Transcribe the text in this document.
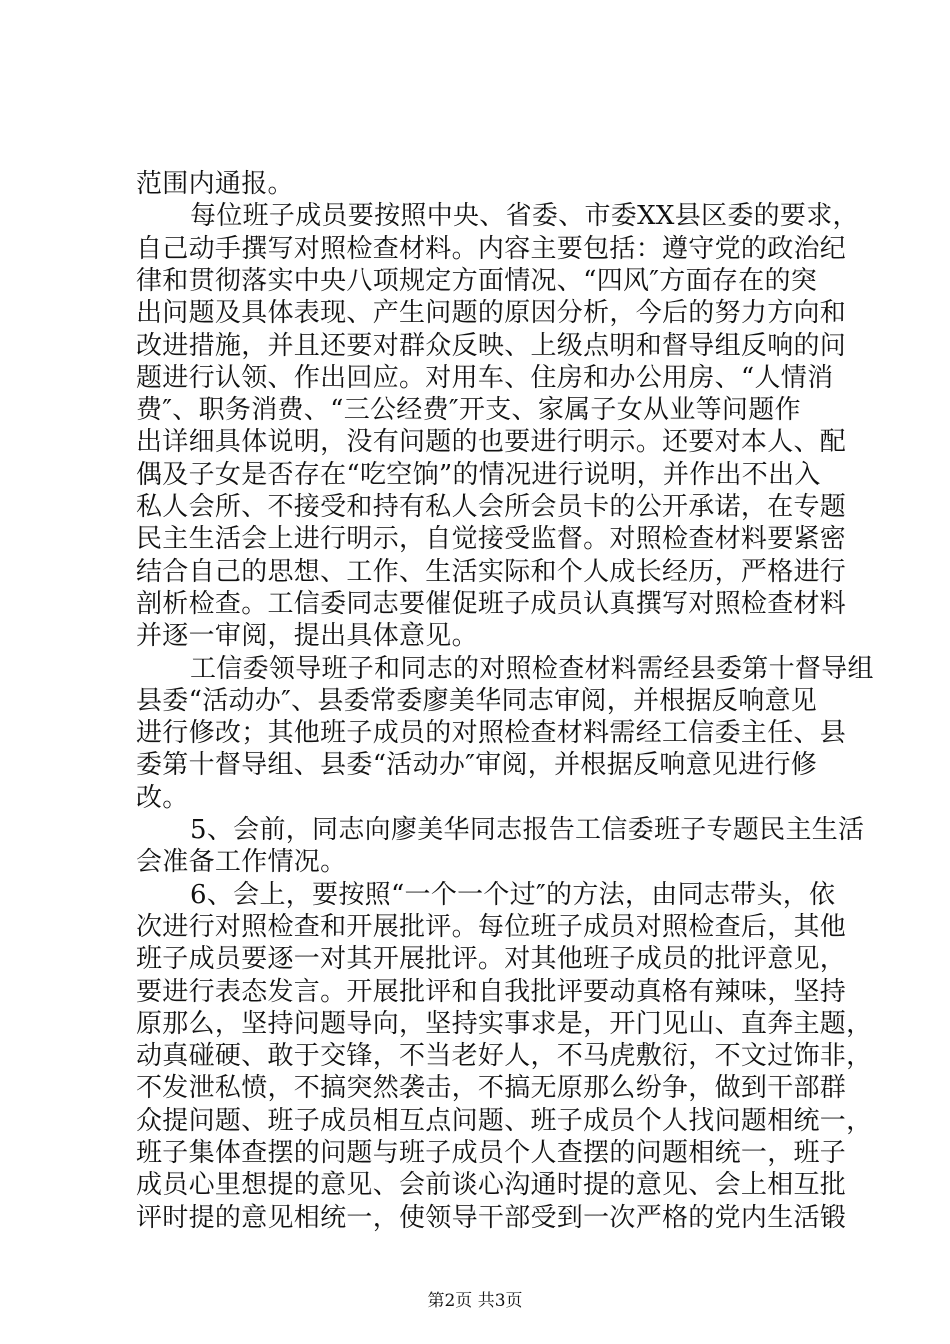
范围内通报。
每位班子成员要按照中央、省委、市委XX县区委的要求，
自己动手撰写对照检查材料。内容主要包括：遵守党的政治纪
律和贯彻落实中央八项规定方面情况、“四风″方面存在的突
出问题及具体表现、产生问题的原因分析，今后的努力方向和
改进措施，并且还要对群众反映、上级点明和督导组反响的问
题进行认领、作出回应。对用车、住房和办公用房、“人情消
费″、职务消费、“三公经费″开支、家属子女从业等问题作
出详细具体说明，没有问题的也要进行明示。还要对本人、配
偶及子女是否存在“吃空饷”的情况进行说明，并作出不出入
私人会所、不接受和持有私人会所会员卡的公开承诺，在专题
民主生活会上进行明示，自觉接受监督。对照检查材料要紧密
结合自己的思想、工作、生活实际和个人成长经历，严格进行
剖析检查。工信委同志要催促班子成员认真撰写对照检查材料
并逐一审阅，提出具体意见。
工信委领导班子和同志的对照检查材料需经县委第十督导组
县委“活动办″、县委常委廖美华同志审阅，并根据反响意见
进行修改；其他班子成员的对照检查材料需经工信委主任、县
委第十督导组、县委“活动办″审阅，并根据反响意见进行修
改。
5、会前，同志向廖美华同志报告工信委班子专题民主生活
会准备工作情况。
6、会上，要按照“一个一个过″的方法，由同志带头，依
次进行对照检查和开展批评。每位班子成员对照检查后，其他
班子成员要逐一对其开展批评。对其他班子成员的批评意见，
要进行表态发言。开展批评和自我批评要动真格有辣味，坚持
原那么，坚持问题导向，坚持实事求是，开门见山、直奔主题，
动真碰硬、敢于交锋，不当老好人，不马虎敷衍，不文过饰非，
不发泄私愤，不搞突然袭击，不搞无原那么纷争，做到干部群
众提问题、班子成员相互点问题、班子成员个人找问题相统一，
班子集体查摆的问题与班子成员个人查摆的问题相统一，班子
成员心里想提的意见、会前谈心沟通时提的意见、会上相互批
评时提的意见相统一，使领导干部受到一次严格的党内生活锻
第2页 共3页
